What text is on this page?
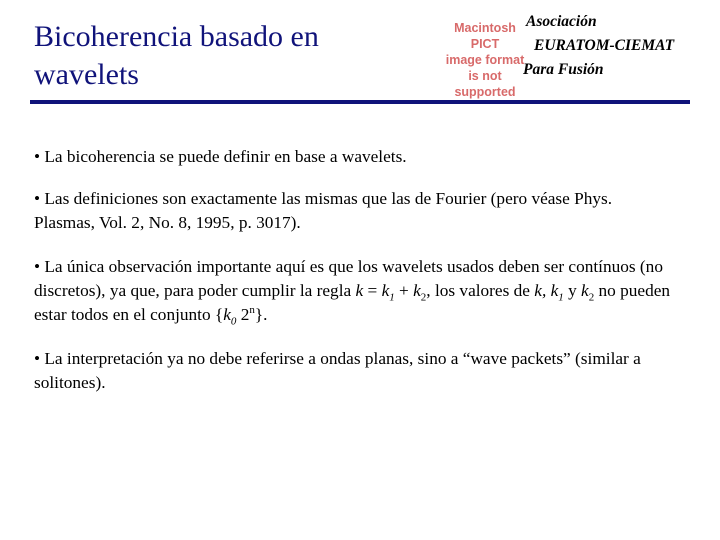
Bicoherencia basado en wavelets
Macintosh PICT
image format
is not supported
Asociación
EURATOM-CIEMAT
Para Fusión

• La bicoherencia se puede definir en base a wavelets.

• Las definiciones son exactamente las mismas que las de Fourier (pero véase Phys. Plasmas, Vol. 2, No. 8, 1995, p. 3017).

• La única observación importante aquí es que los wavelets usados deben ser contínuos (no discretos), ya que, para poder cumplir la regla $k = k_1 + k_2$, los valores de k, $k_1$ y $k_2$ no pueden estar todos en el conjunto {$k_0$ 2$^n$}.

• La interpretación ya no debe referirse a ondas planas, sino a “wave packets” (similar a solitones).
